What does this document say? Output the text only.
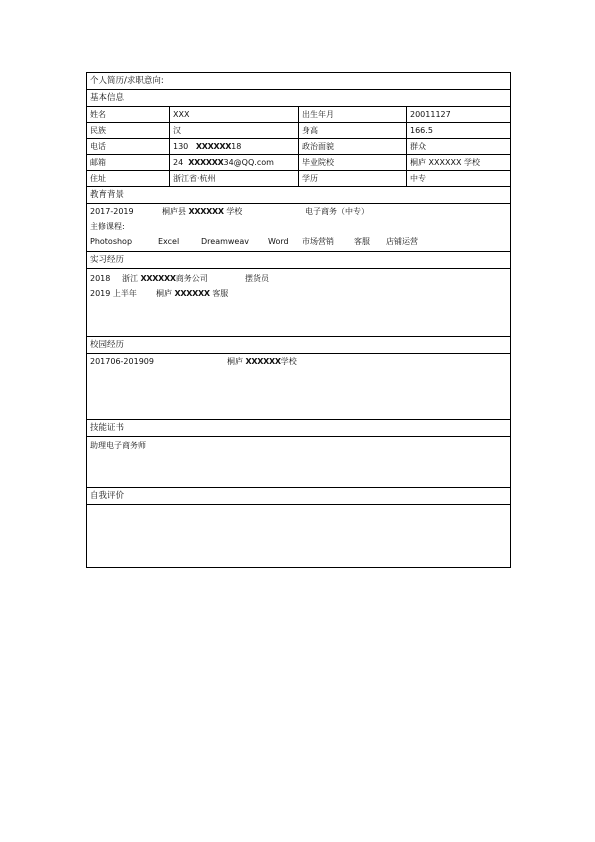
个人简历/求职意向:
基本信息
姓名	XXX	出生年月	20011127
民族	汉	身高	166.5
电话	130 XXXXXX18	政治面貌	群众
邮箱	24 XXXXXX34@QQ.com	毕业院校	桐庐 XXXXXX 学校
住址	浙江省·杭州	学历	中专
教育背景
2017-2019	桐庐县 XXXXXX 学校	电子商务（中专）
主修课程:
Photoshop	Excel	Dreamweav Word 市场营销	客服 店铺运营
实习经历
2018 浙江 XXXXXX商务公司	摆货员
2019 上半年 桐庐 XXXXXX 客服
校园经历
201706-201909	桐庐 XXXXXX学校
技能证书
助理电子商务师
自我评价
